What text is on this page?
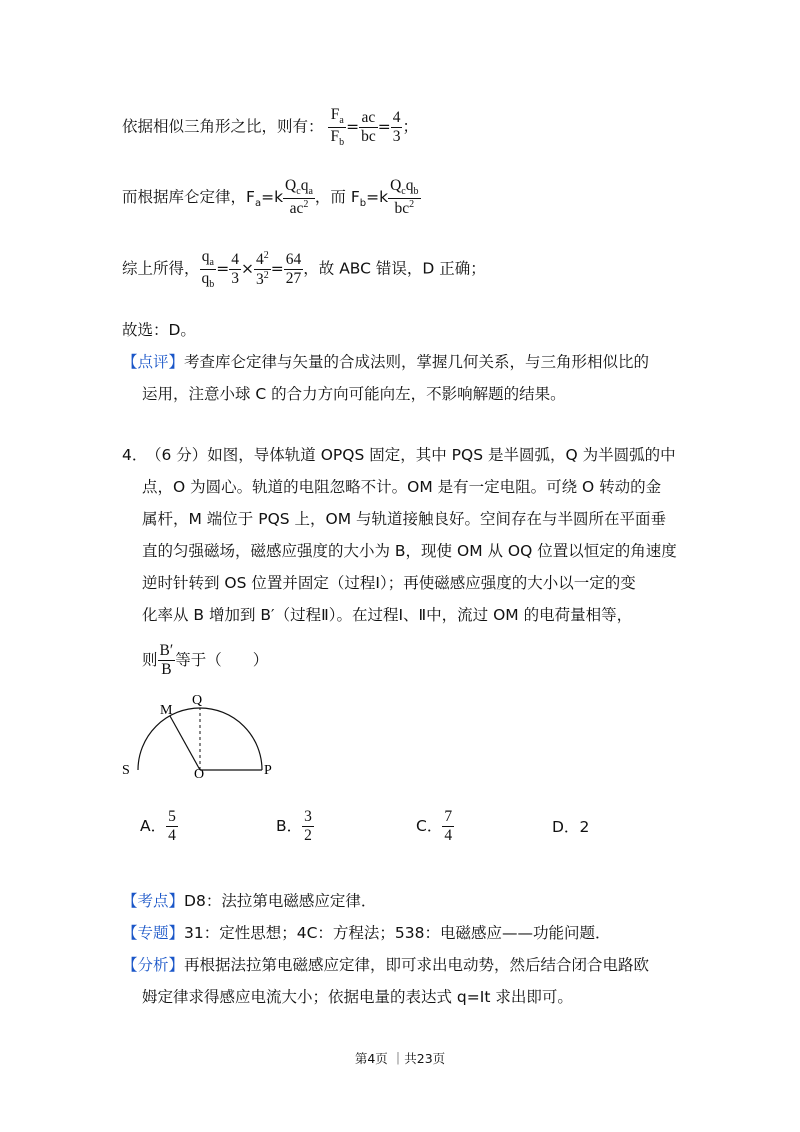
依据相似三角形之比，则有： $\frac{F_a}{F_b} = \frac{ac}{bc} = \frac{4}{3}$ ；
而根据库仑定律，$F_a=k \frac{Q_cq_a}{ac^2}$ ，而 $F_b=k \frac{Q_cq_b}{bc^2}$
综上所得， $\frac{q_a}{q_b} = \frac{4}{3} \times \frac{4^2}{3^2} = \frac{64}{27}$ ，故 ABC 错误，D 正确；
故选：D。
【点评】考查库仑定律与矢量的合成法则，掌握几何关系，与三角形相似比的
运用，注意小球 C 的合力方向可能向左，不影响解题的结果。
4．
（6 分）如图，导体轨道 OPQS 固定，其中 PQS 是半圆弧，Q 为半圆弧的中
点，O 为圆心。轨道的电阻忽略不计。OM 是有一定电阻。可绕 O 转动的金
属杆，M 端位于 PQS 上，OM 与轨道接触良好。空间存在与半圆所在平面垂
直的匀强磁场，磁感应强度的大小为 B，现使 OM 从 OQ 位置以恒定的角速度
逆时针转到 OS 位置并固定（过程Ⅰ）；再使磁感应强度的大小以一定的变
化率从 B 增加到 B′（过程Ⅱ）。在过程Ⅰ、Ⅱ中，流过 OM 的电荷量相等，
则 $\frac{B'}{B}$ 等于（　　）
M
Q
S	O	P
A． $\frac{5}{4}$	B． $\frac{3}{2}$	C． $\frac{7}{4}$	D．2
【考点】D8：法拉第电磁感应定律．
【专题】31：定性思想；4C：方程法；538：电磁感应——功能问题．
【分析】再根据法拉第电磁感应定律，即可求出电动势，然后结合闭合电路欧
姆定律求得感应电流大小；依据电量的表达式 q=It 求出即可。
第4页 ｜共23页
